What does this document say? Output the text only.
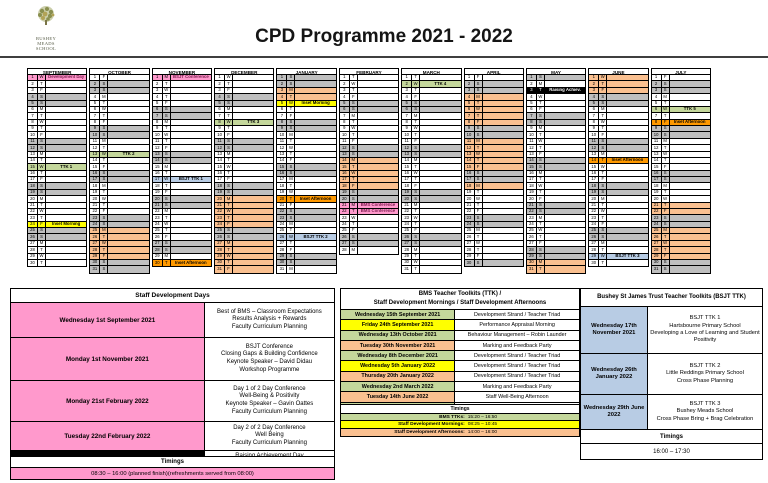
BUSHEY
MEADS
SCHOOL
CPD Programme 2021 - 2022
SEPTEMBER
1	W	Development Day
2	T
3	F
4	S
5	S
6	M
7	T
8	W
9	T
10	F
11	S
12	S
13	M
14	T
15	W	TTK 1
16	T
17	F
18	S
19	S
20	M
21	T
22	W
23	T
24	F	Inset Morning
25	S
26	S
27	M
28	T
29	W
30	T
OCTOBER
1	F
2	S
3	S
4	M
5	T
6	W
7	T
8	F
9	S
10	S
11	M
12	T
13	W	TTK 2
14	T
15	F
16	S
17	S
18	M
19	T
20	W
21	T
22	F
23	S
24	S
25	M
26	T
27	W
28	T
29	F
30	S
31	S
NOVEMBER
1	M	BSJT Conference
2	T
3	W
4	T
5	F
6	S
7	S
8	M
9	T
10	W
11	T
12	F
13	S
14	S
15	M
16	T
17	W	BSJT TTK 1
18	T
19	F
20	S
21	S
22	M
23	T
24	W
25	T
26	F
27	S
28	S
29	M
30	T	Inset Afternoon
DECEMBER
1	W
2	T
3	F
4	S
5	S
6	M
7	T
8	W	TTK 3
9	T
10	F
11	S
12	S
13	M
14	T
15	W
16	T
17	F
18	S
19	S
20	M
21	T
22	W
23	T
24	F
25	S
26	S
27	M
28	T
29	W
30	T
31	F
JANUARY
1	S
2	S
3	M
4	T
5	W	Inset Morning
6	T
7	F
8	S
9	S
10	M
11	T
12	W
13	T
14	F
15	S
16	S
17	M
18	T
19	W
20	T	Inset Afternoon
21	F
22	S
23	S
24	M
25	T
26	W	BSJT TTK 2
27	T
28	F
29	S
30	S
31	M
FEBRUARY
1	T
2	W
3	T
4	F
5	S
6	S
7	M
8	T
9	W
10	T
11	F
12	S
13	S
14	M
15	T
16	W
17	T
18	F
19	S
20	S
21	M	BMS Conference
22	T	BMS Conference
23	W
24	T
25	F
26	S
27	S
28	M
MARCH
1	T
2	W	TTK 4
3	T
4	F
5	S
6	S
7	M
8	T
9	W
10	T
11	F
12	S
13	S
14	M
15	T
16	W
17	T
18	F
19	S
20	S
21	M
22	T
23	W
24	T
25	F
26	S
27	S
28	M
29	T
30	W
31	T
APRIL
1	F
2	S
3	S
4	M
5	T
6	W
7	T
8	F
9	S
10	S
11	M
12	T
13	W
14	T
15	F
16	S
17	S
18	M
19	T
20	W
21	T
22	F
23	S
24	S
25	M
26	T
27	W
28	T
29	F
30	S
MAY
1	S
2	M
3	T	Raising Achiev.
4	W
5	T
6	F
7	S
8	S
9	M
10	T
11	W
12	T
13	F
14	S
15	S
16	M
17	T
18	W
19	T
20	F
21	S
22	S
23	M
24	T
25	W
26	T
27	F
28	S
29	S
30	M
31	T
JUNE
1	W
2	T
3	F
4	S
5	S
6	M
7	T
8	W
9	T
10	F
11	S
12	S
13	M
14	T	Inset Afternoon
15	W
16	T
17	F
18	S
19	S
20	M
21	T
22	W
23	T
24	F
25	S
26	S
27	M
28	T
29	W	BSJT TTK 3
30	T
JULY
1	F
2	S
3	S
4	M
5	T
6	W	TTK 5
7	T
8	F	Inset Afternoon
9	S
10	S
11	M
12	T
13	W
14	T
15	F
16	S
17	S
18	M
19	T
20	W
21	T
22	F
23	S
24	S
25	M
26	T
27	W
28	T
29	F
30	S
31	S
Staff Development Days
Wednesday 1st September 2021
Best of BMS – Classroom Expectations
Results Analysis + Rewards
Faculty Curriculum Planning
Monday 1st November 2021
BSJT Conference
Closing Gaps & Building Confidence
Keynote Speaker – David Didau
Workshop Programme
Monday 21st February 2022
Day 1 of 2 Day Conference
Well-Being & Positivity
Keynote Speaker – Gavin Oattes
Faculty Curriculum Planning
Tuesday 22nd February 2022
Day 2 of 2 Day Conference
Well Being
Faculty Curriculum Planning
Timings
08:30 – 16:00 (planned finish)(refreshments served from 08:00)
BMS Teacher Toolkits (TTK) /
Staff Development Mornings / Staff Development Afternoons
Wednesday 15th September 2021	Development Strand / Teacher Triad
Friday 24th September 2021	Performance Appraisal Morning
Wednesday 13th October 2021	Behaviour Management – Robin Launder
Tuesday 30th November 2021	Marking and Feedback Party
Wednesday 8th December 2021	Development Strand / Teacher Triad
Wednesday 5th January 2022	Development Strand / Teacher Triad
Thursday 20th January 2022	Development Strand / Teacher Triad
Wednesday 2nd March 2022	Marking and Feedback Party
Tuesday 14th June 2022	Staff Well-Being Afternoon
Timings
BMS TTKs: 15:20 – 16:50
Staff Development Mornings: 08:25 – 10:45
Staff Development Afternoons: 14:00 – 16:00
Bushey St James Trust Teacher Toolkits (BSJT TTK)
Wednesday 17th November 2021
BSJT TTK 1
Hartsbourne Primary School
Developing a Love of Learning and Student Positivity
Wednesday 26th January 2022
BSJT TTK 2
Little Reddings Primary School
Cross Phase Planning
Wednesday 29th June 2022
BSJT TTK 3
Bushey Meads School
Cross Phase Bring + Brag Celebration
Timings
16:00 – 17:30
